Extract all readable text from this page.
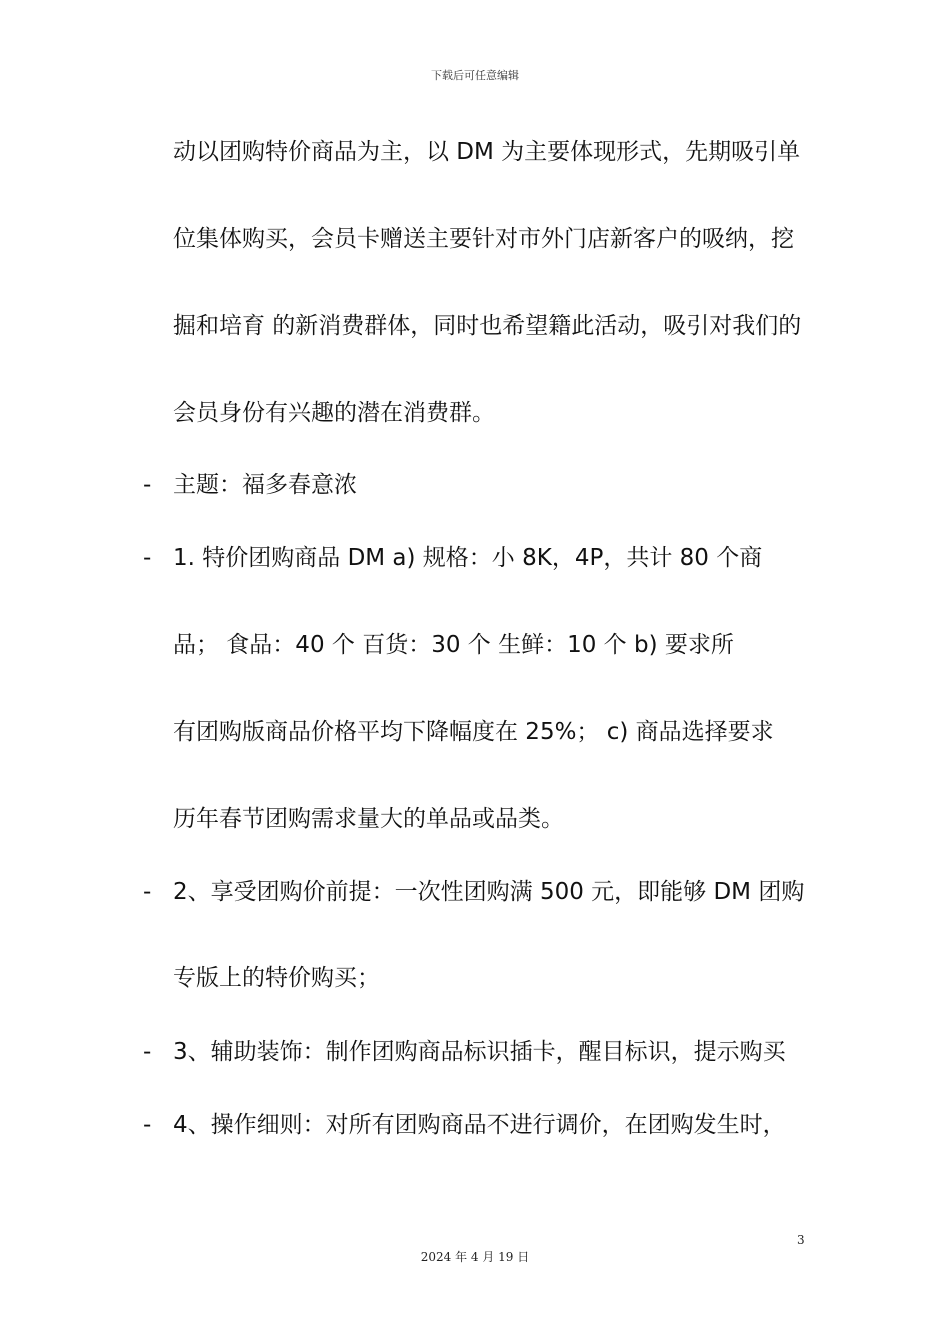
下载后可任意编辑
动以团购特价商品为主，以 DM 为主要体现形式，先期吸引单
位集体购买，会员卡赠送主要针对市外门店新客户的吸纳，挖
掘和培育 的新消费群体，同时也希望籍此活动，吸引对我们的
会员身份有兴趣的潜在消费群。
- 主题：福多春意浓
- 1. 特价团购商品 DM a) 规格：小 8K，4P，共计 80 个商
品； 食品：40 个 百货：30 个 生鲜：10 个 b) 要求所
有团购版商品价格平均下降幅度在 25%； c) 商品选择要求
历年春节团购需求量大的单品或品类。
- 2、享受团购价前提：一次性团购满 500 元，即能够 DM 团购
专版上的特价购买；
- 3、辅助装饰：制作团购商品标识插卡，醒目标识，提示购买
- 4、操作细则：对所有团购商品不进行调价，在团购发生时，
3
2024 年 4 月 19 日
